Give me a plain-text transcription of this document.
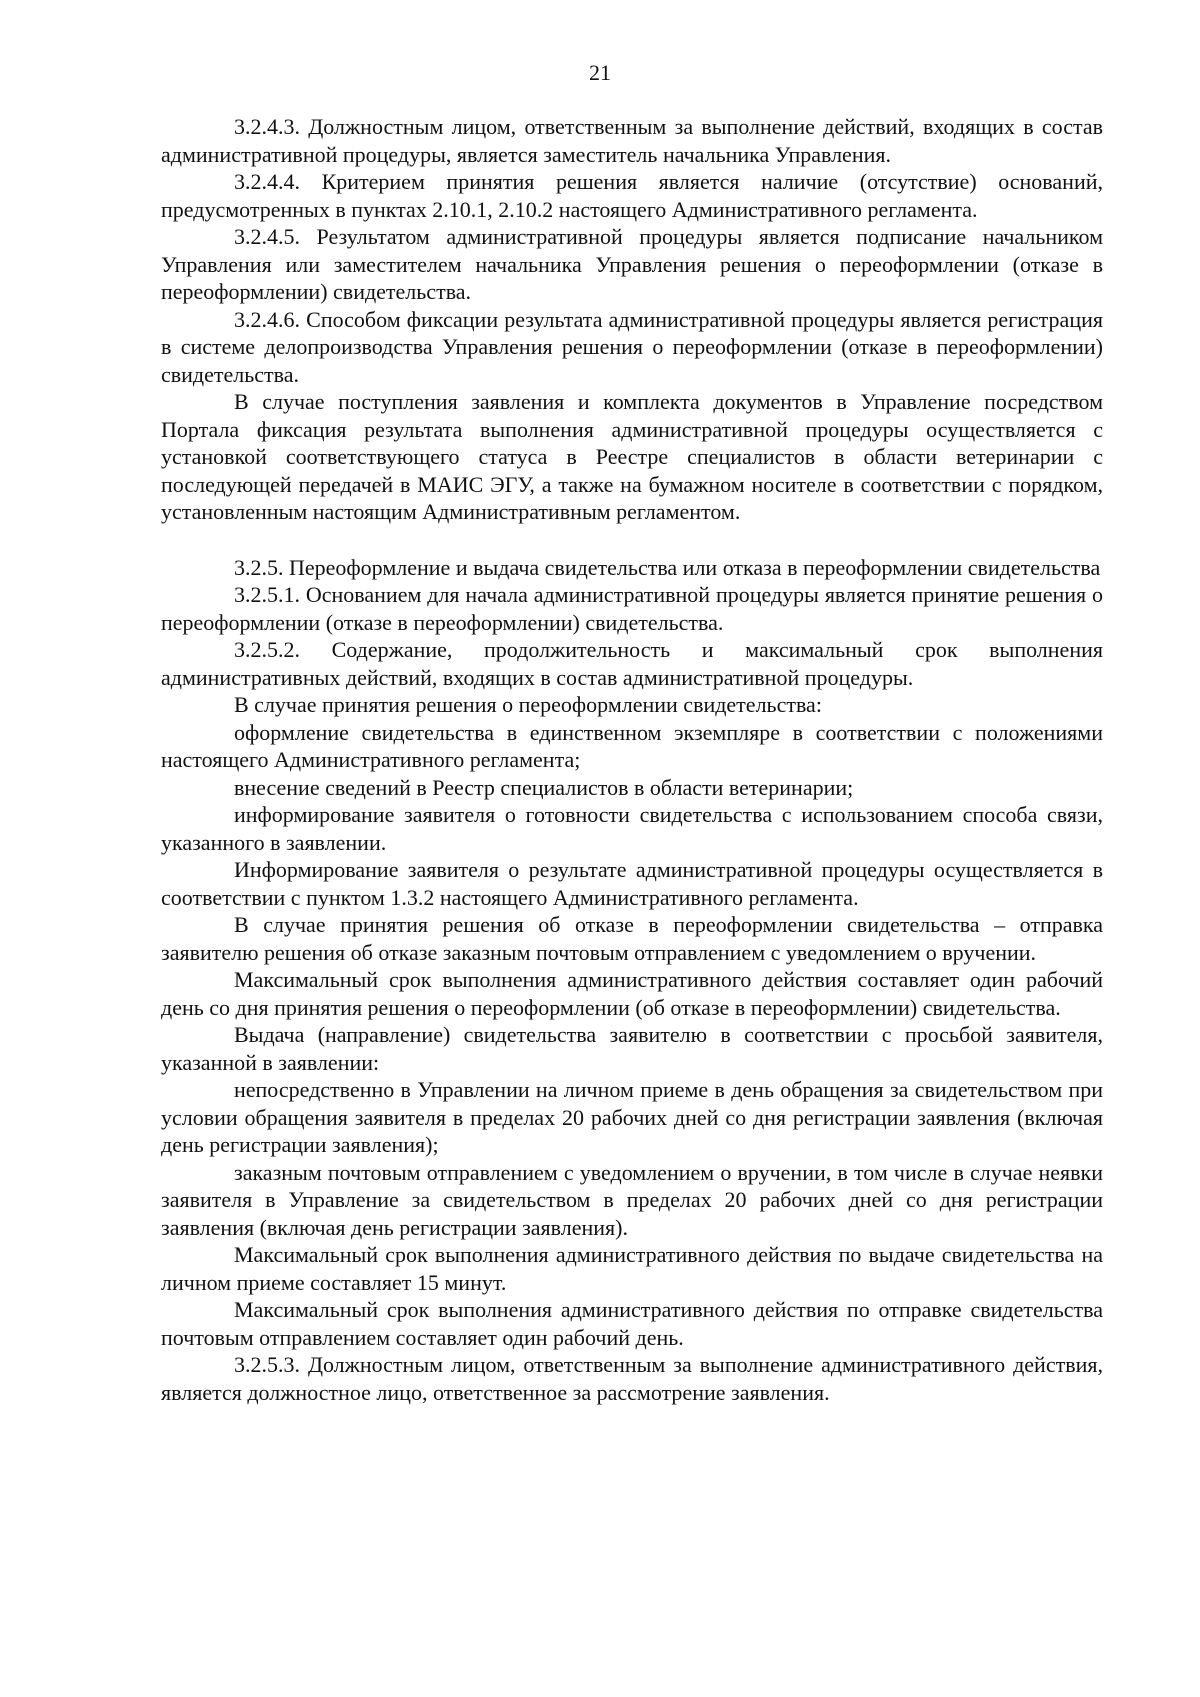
21

3.2.4.3. Должностным лицом, ответственным за выполнение действий, входящих в состав административной процедуры, является заместитель начальника Управления.

3.2.4.4. Критерием принятия решения является наличие (отсутствие) оснований, предусмотренных в пунктах 2.10.1, 2.10.2 настоящего Административного регламента.

3.2.4.5. Результатом административной процедуры является подписание начальником Управления или заместителем начальника Управления решения о переоформлении (отказе в переоформлении) свидетельства.

3.2.4.6. Способом фиксации результата административной процедуры является регистрация в системе делопроизводства Управления решения о переоформлении (отказе в переоформлении) свидетельства.

В случае поступления заявления и комплекта документов в Управление посредством Портала фиксация результата выполнения административной процедуры осуществляется с установкой соответствующего статуса в Реестре специалистов в области ветеринарии с последующей передачей в МАИС ЭГУ, а также на бумажном носителе в соответствии с порядком, установленным настоящим Административным регламентом.

3.2.5. Переоформление и выдача свидетельства или отказа в переоформлении свидетельства

3.2.5.1. Основанием для начала административной процедуры является принятие решения о переоформлении (отказе в переоформлении) свидетельства.

3.2.5.2. Содержание, продолжительность и максимальный срок выполнения административных действий, входящих в состав административной процедуры.

В случае принятия решения о переоформлении свидетельства:

оформление свидетельства в единственном экземпляре в соответствии с положениями настоящего Административного регламента;

внесение сведений в Реестр специалистов в области ветеринарии;

информирование заявителя о готовности свидетельства с использованием способа связи, указанного в заявлении.

Информирование заявителя о результате административной процедуры осуществляется в соответствии с пунктом 1.3.2 настоящего Административного регламента.

В случае принятия решения об отказе в переоформлении свидетельства – отправка заявителю решения об отказе заказным почтовым отправлением с уведомлением о вручении.

Максимальный срок выполнения административного действия составляет один рабочий день со дня принятия решения о переоформлении (об отказе в переоформлении) свидетельства.

Выдача (направление) свидетельства заявителю в соответствии с просьбой заявителя, указанной в заявлении:

непосредственно в Управлении на личном приеме в день обращения за свидетельством при условии обращения заявителя в пределах 20 рабочих дней со дня регистрации заявления (включая день регистрации заявления);

заказным почтовым отправлением с уведомлением о вручении, в том числе в случае неявки заявителя в Управление за свидетельством в пределах 20 рабочих дней со дня регистрации заявления (включая день регистрации заявления).

Максимальный срок выполнения административного действия по выдаче свидетельства на личном приеме составляет 15 минут.

Максимальный срок выполнения административного действия по отправке свидетельства почтовым отправлением составляет один рабочий день.

3.2.5.3. Должностным лицом, ответственным за выполнение административного действия, является должностное лицо, ответственное за рассмотрение заявления.
